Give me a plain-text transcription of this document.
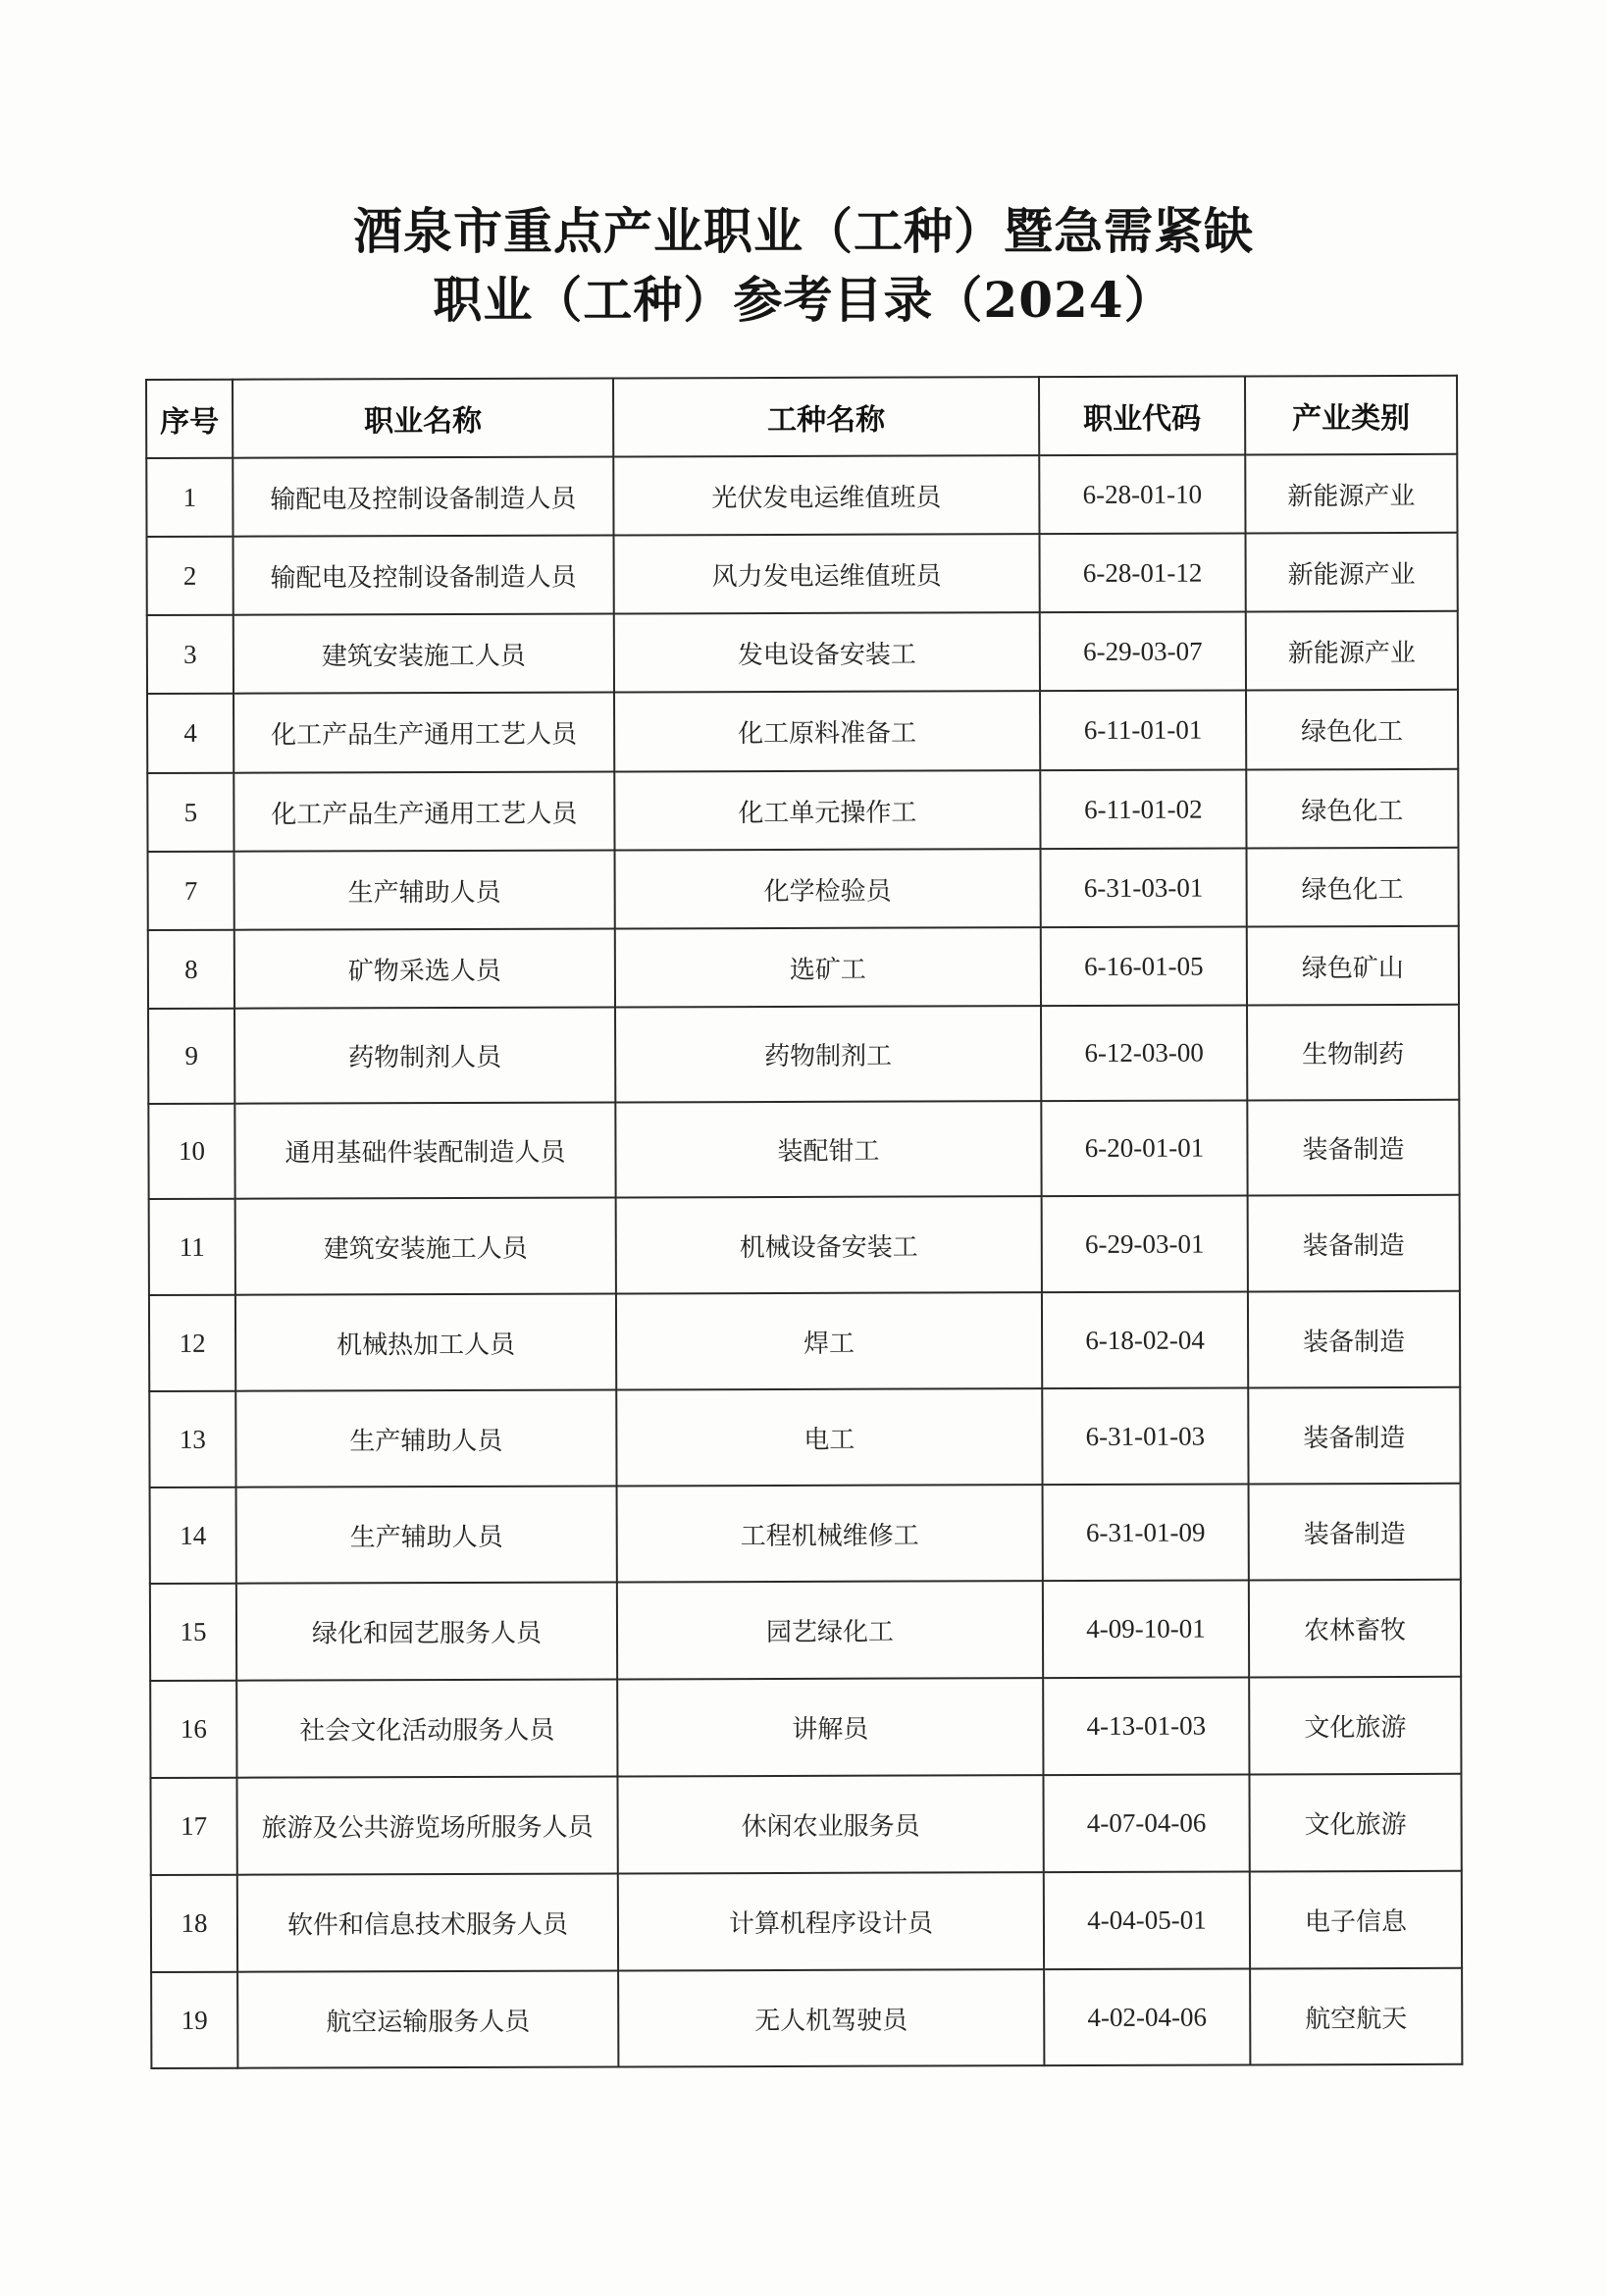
酒泉市重点产业职业（工种）暨急需紧缺
职业（工种）参考目录（2024）
序号	职业名称	工种名称	职业代码	产业类别
1	输配电及控制设备制造人员	光伏发电运维值班员	6-28-01-10	新能源产业
2	输配电及控制设备制造人员	风力发电运维值班员	6-28-01-12	新能源产业
3	建筑安装施工人员	发电设备安装工	6-29-03-07	新能源产业
4	化工产品生产通用工艺人员	化工原料准备工	6-11-01-01	绿色化工
5	化工产品生产通用工艺人员	化工单元操作工	6-11-01-02	绿色化工
7	生产辅助人员	化学检验员	6-31-03-01	绿色化工
8	矿物采选人员	选矿工	6-16-01-05	绿色矿山
9	药物制剂人员	药物制剂工	6-12-03-00	生物制药
10	通用基础件装配制造人员	装配钳工	6-20-01-01	装备制造
11	建筑安装施工人员	机械设备安装工	6-29-03-01	装备制造
12	机械热加工人员	焊工	6-18-02-04	装备制造
13	生产辅助人员	电工	6-31-01-03	装备制造
14	生产辅助人员	工程机械维修工	6-31-01-09	装备制造
15	绿化和园艺服务人员	园艺绿化工	4-09-10-01	农林畜牧
16	社会文化活动服务人员	讲解员	4-13-01-03	文化旅游
17	旅游及公共游览场所服务人员	休闲农业服务员	4-07-04-06	文化旅游
18	软件和信息技术服务人员	计算机程序设计员	4-04-05-01	电子信息
19	航空运输服务人员	无人机驾驶员	4-02-04-06	航空航天
